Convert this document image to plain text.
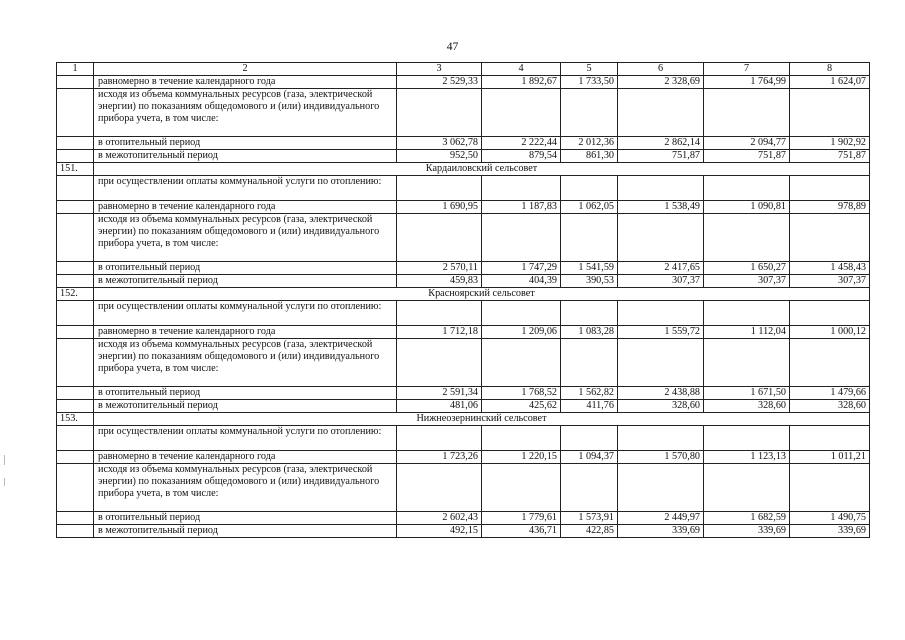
47
1	2	3	4	5	6	7	8
	равномерно в течение календарного года	2 529,33	1 892,67	1 733,50	2 328,69	1 764,99	1 624,07
	исходя из объема коммунальных ресурсов (газа, электрической энергии) по показаниям общедомового и (или) индивидуального прибора учета, в том числе:						
	в отопительный период	3 062,78	2 222,44	2 012,36	2 862,14	2 094,77	1 902,92
	в межотопительный период	952,50	879,54	861,30	751,87	751,87	751,87
151.	Кардаиловский сельсовет						
	при осуществлении оплаты коммунальной услуги по отоплению:						
	равномерно в течение календарного года	1 690,95	1 187,83	1 062,05	1 538,49	1 090,81	978,89
	исходя из объема коммунальных ресурсов (газа, электрической энергии) по показаниям общедомового и (или) индивидуального прибора учета, в том числе:						
	в отопительный период	2 570,11	1 747,29	1 541,59	2 417,65	1 650,27	1 458,43
	в межотопительный период	459,83	404,39	390,53	307,37	307,37	307,37
152.	Краснoярский сельсовет						
	при осуществлении оплаты коммунальной услуги по отоплению:						
	равномерно в течение календарного года	1 712,18	1 209,06	1 083,28	1 559,72	1 112,04	1 000,12
	исходя из объема коммунальных ресурсов (газа, электрической энергии) по показаниям общедомового и (или) индивидуального прибора учета, в том числе:						
	в отопительный период	2 591,34	1 768,52	1 562,82	2 438,88	1 671,50	1 479,66
	в межотопительный период	481,06	425,62	411,76	328,60	328,60	328,60
153.	Нижнеозернинский сельсовет						
	при осуществлении оплаты коммунальной услуги по отоплению:						
	равномерно в течение календарного года	1 723,26	1 220,15	1 094,37	1 570,80	1 123,13	1 011,21
	исходя из объема коммунальных ресурсов (газа, электрической энергии) по показаниям общедомового и (или) индивидуального прибора учета, в том числе:						
	в отопительный период	2 602,43	1 779,61	1 573,91	2 449,97	1 682,59	1 490,75
	в межотопительный период	492,15	436,71	422,85	339,69	339,69	339,69
